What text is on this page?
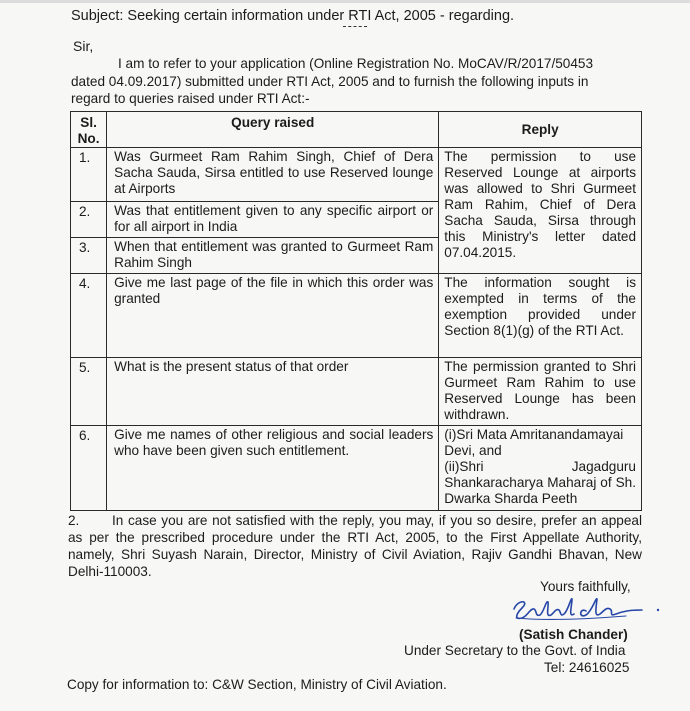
Subject: Seeking certain information under RTI Act, 2005 - regarding.
Sir,
I am to refer to your application (Online Registration No. MoCAV/R/2017/50453
dated 04.09.2017) submitted under RTI Act, 2005 and to furnish the following inputs in
regard to queries raised under RTI Act:-
Sl. No.	Query raised	Reply

1.	Was Gurmeet Ram Rahim Singh, Chief of Dera Sacha Sauda, Sirsa entitled to use Reserved lounge at Airports	The permission to use Reserved Lounge at airports was allowed to Shri Gurmeet Ram Rahim, Chief of Dera Sacha Sauda, Sirsa through this Ministry's letter dated 07.04.2015.
2.	Was that entitlement given to any specific airport or for all airport in India	
3.	When that entitlement was granted to Gurmeet Ram Rahim Singh	
4.	Give me last page of the file in which this order was granted	The information sought is exempted in terms of the exemption provided under Section 8(1)(g) of the RTI Act.
5.	What is the present status of that order	The permission granted to Shri Gurmeet Ram Rahim to use Reserved Lounge has been withdrawn.
6.	Give me names of other religious and social leaders who have been given such entitlement.	(i)Sri Mata Amritanandamayai Devi, and
(ii)Shri Jagadguru Shankaracharya Maharaj of Sh. Dwarka Sharda Peeth
2. In case you are not satisfied with the reply, you may, if you so desire, prefer an appeal as per the prescribed procedure under the RTI Act, 2005, to the First Appellate Authority, namely, Shri Suyash Narain, Director, Ministry of Civil Aviation, Rajiv Gandhi Bhavan, New Delhi-110003.
Yours faithfully,
(Satish Chander)
Under Secretary to the Govt. of India
Tel: 24616025
Copy for information to: C&W Section, Ministry of Civil Aviation.
